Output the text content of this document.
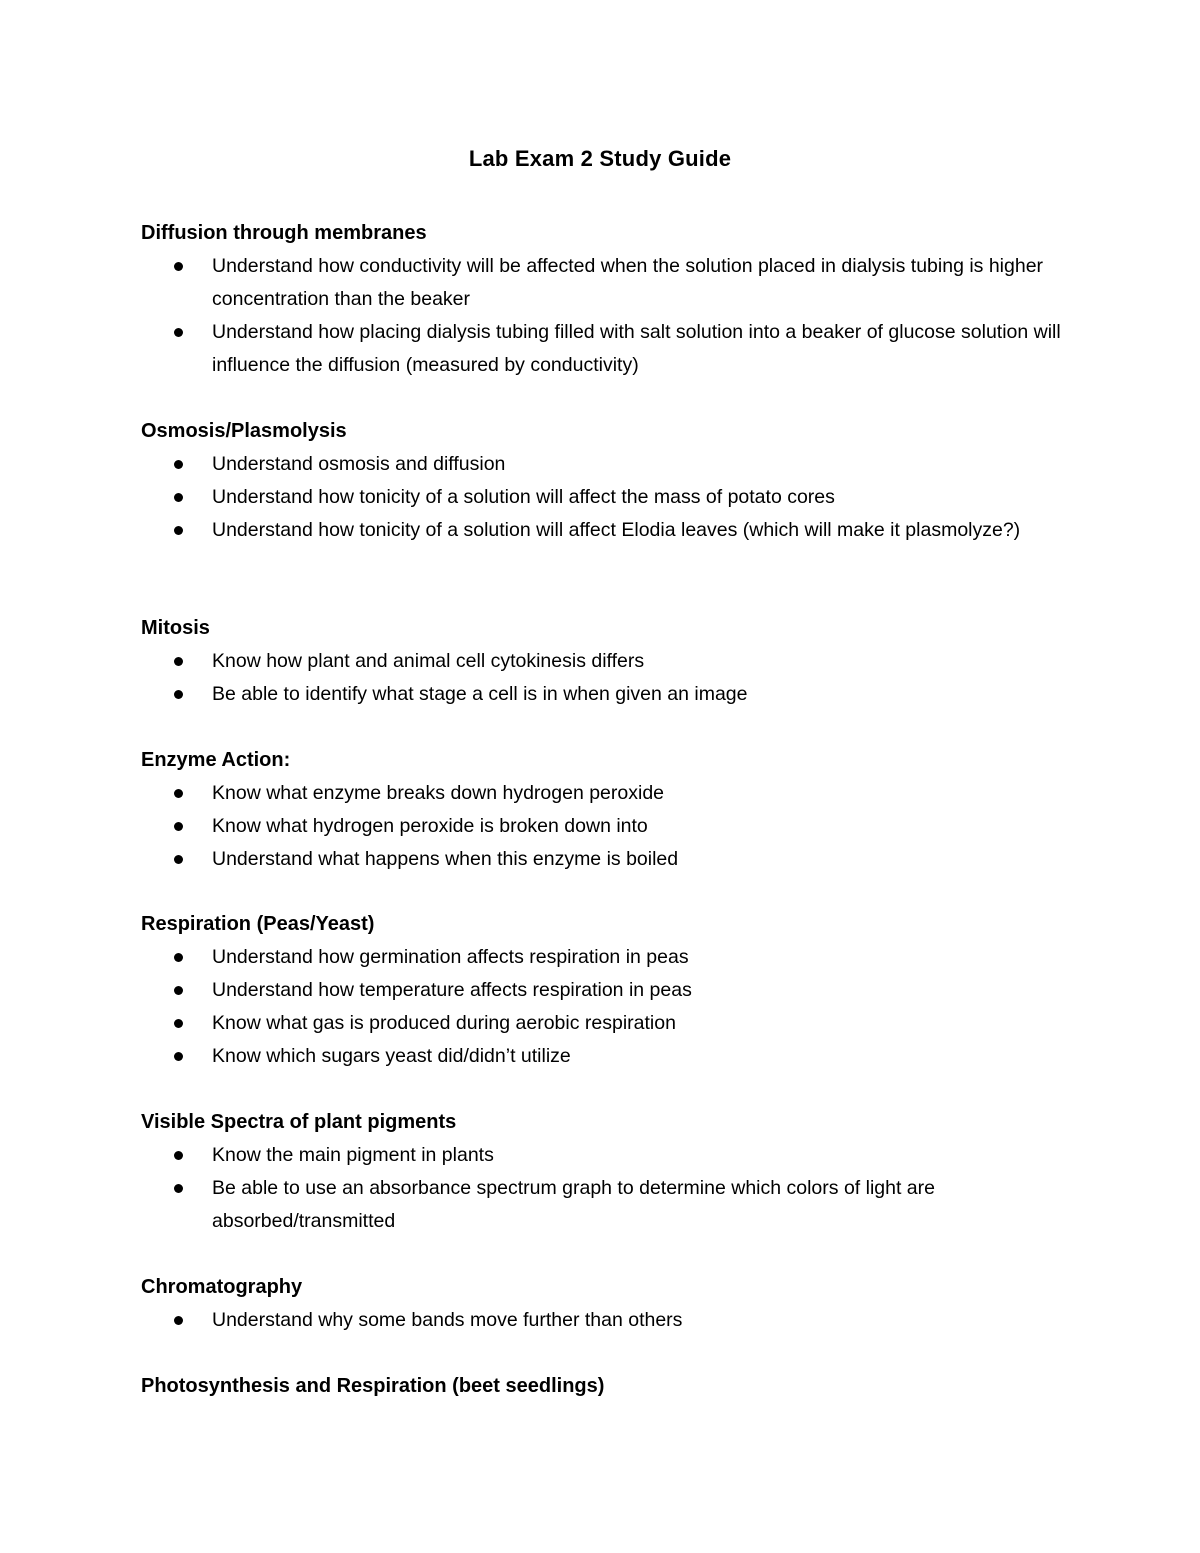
Lab Exam 2 Study Guide
Diffusion through membranes
Understand how conductivity will be affected when the solution placed in dialysis tubing is higher concentration than the beaker
Understand how placing dialysis tubing filled with salt solution into a beaker of glucose solution will influence the diffusion (measured by conductivity)
Osmosis/Plasmolysis
Understand osmosis and diffusion
Understand how tonicity of a solution will affect the mass of potato cores
Understand how tonicity of a solution will affect Elodia leaves (which will make it plasmolyze?)
Mitosis
Know how plant and animal cell cytokinesis differs
Be able to identify what stage a cell is in when given an image
Enzyme Action:
Know what enzyme breaks down hydrogen peroxide
Know what hydrogen peroxide is broken down into
Understand what happens when this enzyme is boiled
Respiration (Peas/Yeast)
Understand how germination affects respiration in peas
Understand how temperature affects respiration in peas
Know what gas is produced during aerobic respiration
Know which sugars yeast did/didn’t utilize
Visible Spectra of plant pigments
Know the main pigment in plants
Be able to use an absorbance spectrum graph to determine which colors of light are absorbed/transmitted
Chromatography
Understand why some bands move further than others
Photosynthesis and Respiration (beet seedlings)
